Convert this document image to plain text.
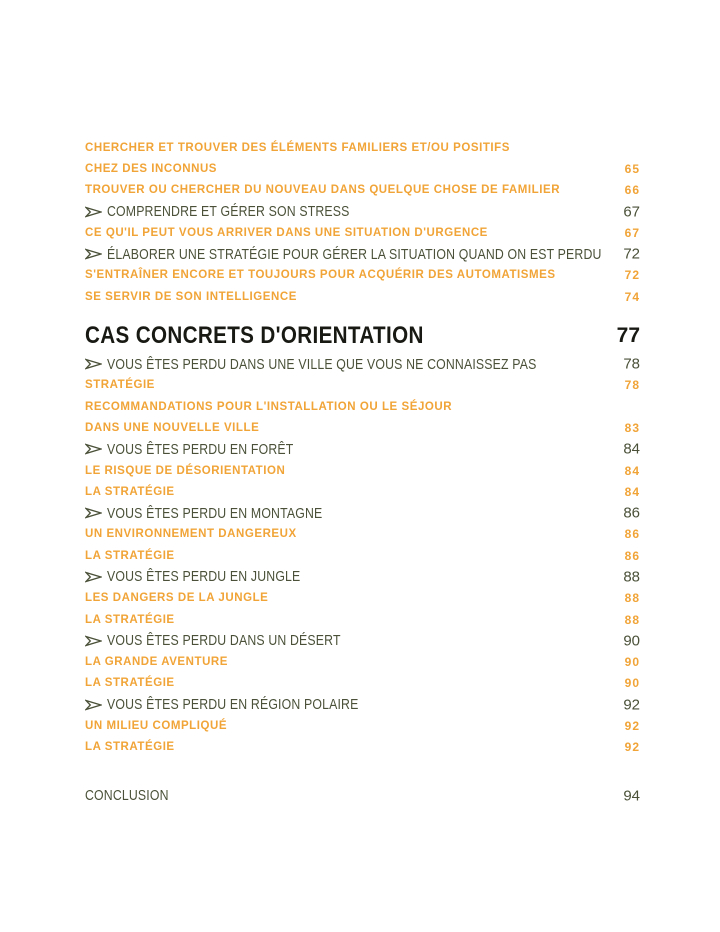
CHERCHER ET TROUVER DES ÉLÉMENTS FAMILIERS ET/OU POSITIFS
CHEZ DES INCONNUS	65
TROUVER OU CHERCHER DU NOUVEAU DANS QUELQUE CHOSE DE FAMILIER	66
COMPRENDRE ET GÉRER SON STRESS	67
CE QU'IL PEUT VOUS ARRIVER DANS UNE SITUATION D'URGENCE	67
ÉLABORER UNE STRATÉGIE POUR GÉRER LA SITUATION QUAND ON EST PERDU 72
S'ENTRAÎNER ENCORE ET TOUJOURS POUR ACQUÉRIR DES AUTOMATISMES	72
SE SERVIR DE SON INTELLIGENCE	74
CAS CONCRETS D'ORIENTATION	77
VOUS ÊTES PERDU DANS UNE VILLE QUE VOUS NE CONNAISSEZ PAS	78
STRATÉGIE	78
RECOMMANDATIONS POUR L'INSTALLATION OU LE SÉJOUR
DANS UNE NOUVELLE VILLE	83
VOUS ÊTES PERDU EN FORÊT	84
LE RISQUE DE DÉSORIENTATION	84
LA STRATÉGIE	84
VOUS ÊTES PERDU EN MONTAGNE	86
UN ENVIRONNEMENT DANGEREUX	86
LA STRATÉGIE	86
VOUS ÊTES PERDU EN JUNGLE	88
LES DANGERS DE LA JUNGLE	88
LA STRATÉGIE	88
VOUS ÊTES PERDU DANS UN DÉSERT	90
LA GRANDE AVENTURE	90
LA STRATÉGIE	90
VOUS ÊTES PERDU EN RÉGION POLAIRE	92
UN MILIEU COMPLIQUÉ	92
LA STRATÉGIE	92
CONCLUSION	94
